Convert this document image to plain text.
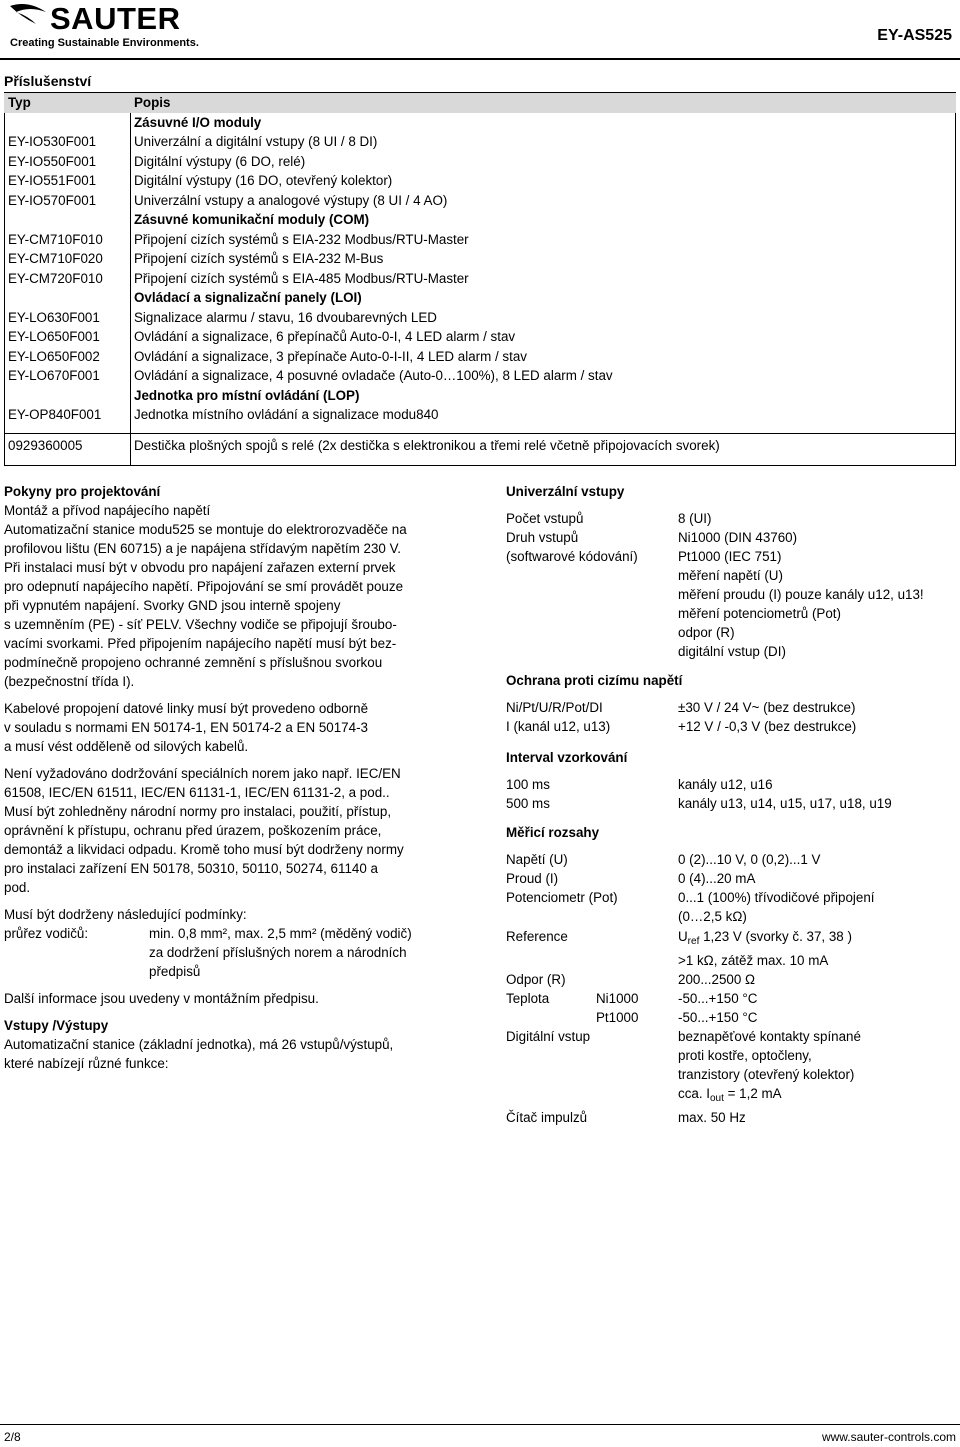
SAUTER
Creating Sustainable Environments.	EY-AS525
Příslušenství
Typ	Popis
	Zásuvné I/O moduly
EY-IO530F001	Univerzální a digitální vstupy (8 UI / 8 DI)
EY-IO550F001	Digitální výstupy (6 DO, relé)
EY-IO551F001	Digitální výstupy (16 DO, otevřený kolektor)
EY-IO570F001	Univerzální vstupy a analogové výstupy (8 UI / 4 AO)
	Zásuvné komunikační moduly (COM)
EY-CM710F010	Připojení cizích systémů s EIA-232 Modbus/RTU-Master
EY-CM710F020	Připojení cizích systémů s EIA-232 M-Bus
EY-CM720F010	Připojení cizích systémů s EIA-485 Modbus/RTU-Master
	Ovládací a signalizační panely (LOI)
EY-LO630F001	Signalizace alarmu / stavu, 16 dvoubarevných LED
EY-LO650F001	Ovládání a signalizace, 6 přepínačů Auto-0-I, 4 LED alarm / stav
EY-LO650F002	Ovládání a signalizace, 3 přepínače Auto-0-I-II, 4 LED alarm / stav
EY-LO670F001	Ovládání a signalizace, 4 posuvné ovladače (Auto-0…100%), 8 LED alarm / stav
	Jednotka pro místní ovládání (LOP)
EY-OP840F001	Jednotka místního ovládání a signalizace modu840

0929360005	Destička plošných spojů s relé (2x destička s elektronikou a třemi relé včetně připojovacích svorek)

Pokyny pro projektování

Montáž a přívod napájecího napětí

Automatizační stanice modu525 se montuje do elektrorozvaděče na

profilovou lištu (EN 60715) a je napájena střídavým napětím 230 V.

Při instalaci musí být v obvodu pro napájení zařazen externí prvek

pro odepnutí napájecího napětí. Připojování se smí provádět pouze

při vypnutém napájení. Svorky GND jsou interně spojeny

s uzemněním (PE) - síť PELV. Všechny vodiče se připojují šroubo-

vacími svorkami. Před připojením napájecího napětí musí být bez-

podmínečně propojeno ochranné zemnění s příslušnou svorkou

(bezpečnostní třída I).

Kabelové propojení datové linky musí být provedeno odborně

v souladu s normami EN 50174-1, EN 50174-2 a EN 50174-3

a musí vést odděleně od silových kabelů.

Není vyžadováno dodržování speciálních norem jako např. IEC/EN

61508, IEC/EN 61511, IEC/EN 61131-1, IEC/EN 61131-2, a pod..

Musí být zohledněny národní normy pro instalaci, použití, přístup,

oprávnění k přístupu, ochranu před úrazem, poškozením práce,

demontáž a likvidaci odpadu. Kromě toho musí být dodrženy normy

pro instalaci zařízení EN 50178, 50310, 50110, 50274, 61140 a

pod.

Musí být dodrženy následující podmínky:

průřez vodičů:	min. 0,8 mm², max. 2,5 mm² (měděný vodič)

za dodržení příslušných norem a národních

předpisů

Další informace jsou uvedeny v montážním předpisu.

Vstupy /Výstupy

Automatizační stanice (základní jednotka), má 26 vstupů/výstupů,

které nabízejí různé funkce:

Univerzální vstupy
Počet vstupů	8 (UI)
Druh vstupů	Ni1000 (DIN 43760)
(softwarové kódování)	Pt1000 (IEC 751)
měření napětí (U)
měření proudu (I) pouze kanály u12, u13!
měření potenciometrů (Pot)
odpor (R)
digitální vstup (DI)
Ochrana proti cizímu napětí
Ni/Pt/U/R/Pot/DI	±30 V / 24 V~ (bez destrukce)
I (kanál u12, u13)	+12 V / -0,3 V (bez destrukce)
Interval vzorkování
100 ms	kanály u12, u16
500 ms	kanály u13, u14, u15, u17, u18, u19
Měřicí rozsahy
Napětí (U)	0 (2)...10 V, 0 (0,2)...1 V
Proud (I)	0 (4)...20 mA
Potenciometr (Pot)	0...1 (100%) třívodičové připojení
(0…2,5 kΩ)
Reference	$U_{ref}$ 1,23 V (svorky č. 37, 38 )
>1 kΩ, zátěž max. 10 mA
Odpor (R)	200...2500 Ω
Teplota	Ni1000	-50...+150 °C
Pt1000	-50...+150 °C
Digitální vstup	beznapěťové kontakty spínané

proti kostře, optočleny,

tranzistory (otevřený kolektor)

cca. $I_{out} = 1,2$ mA
Čítač impulzů	max. 50 Hz
2/8	www.sauter-controls.com
